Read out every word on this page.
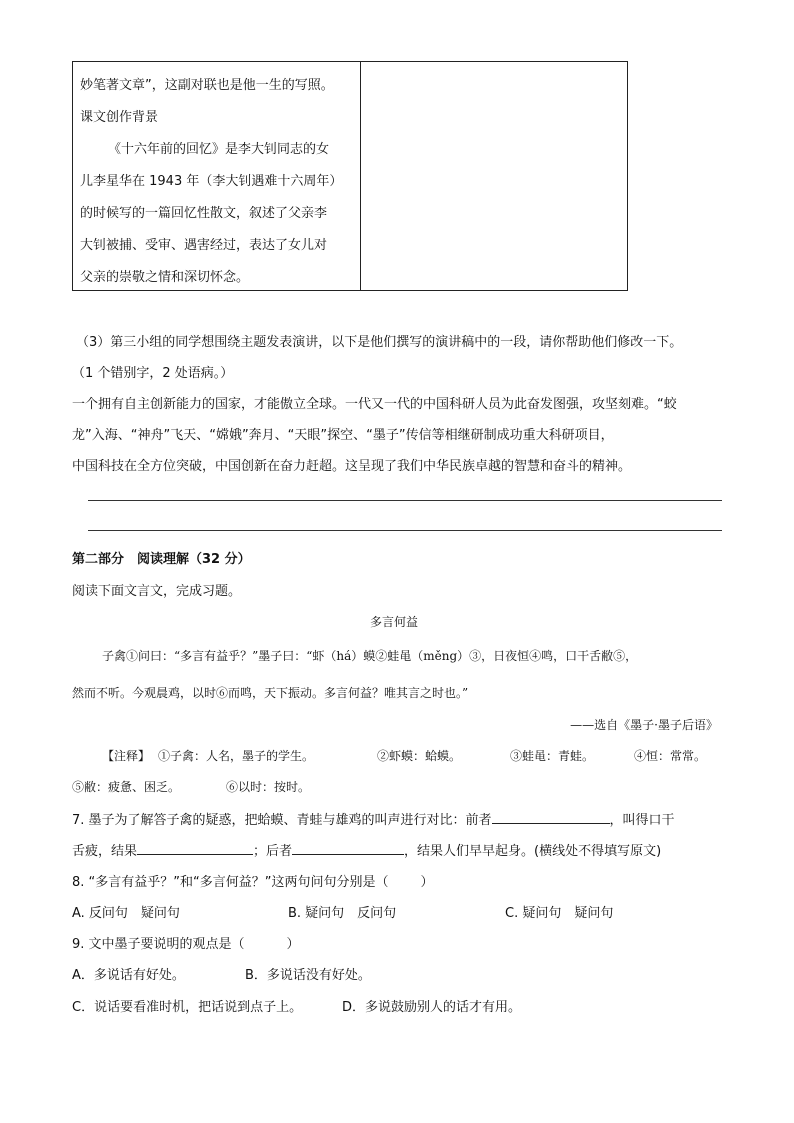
妙笔著文章”，这副对联也是他一生的写照。
课文创作背景
《十六年前的回忆》是李大钊同志的女
儿李星华在 1943 年（李大钊遇难十六周年）
的时候写的一篇回忆性散文，叙述了父亲李
大钊被捕、受审、遇害经过，表达了女儿对
父亲的崇敬之情和深切怀念。

（3）第三小组的同学想围绕主题发表演讲，以下是他们撰写的演讲稿中的一段，请你帮助他们修改一下。
（1 个错别字，2 处语病。）
一个拥有自主创新能力的国家，才能傲立全球。一代又一代的中国科研人员为此奋发图强，攻坚刻难。“蛟
龙”入海、“神舟”飞天、“嫦娥”奔月、“天眼”探空、“墨子”传信等相继研制成功重大科研项目，
中国科技在全方位突破，中国创新在奋力赶超。这呈现了我们中华民族卓越的智慧和奋斗的精神。
第二部分　阅读理解（32 分）
阅读下面文言文，完成习题。
多言何益
子禽①问曰：“多言有益乎？”墨子曰：“虾（há）蟆②蛙黾（měng）③，日夜恒④鸣，口干舌敝⑤，
然而不听。今观晨鸡，以时⑥而鸣，天下振动。多言何益？唯其言之时也。”
——选自《墨子·墨子后语》
【注释】 ①子禽：人名，墨子的学生。	②虾蟆：蛤蟆。	③蛙黾：青蛙。	④恒：常常。
⑤敝：疲惫、困乏。	⑥以时：按时。
7. 墨子为了解答子禽的疑惑，把蛤蟆、青蛙与雄鸡的叫声进行对比：前者	，叫得口干
舌疲，结果	；后者	，结果人们早早起身。(横线处不得填写原文)
8. “多言有益乎？”和“多言何益？”这两句问句分别是（ ）
A. 反问句　疑问句	B. 疑问句　反问句	C. 疑问句　疑问句
9. 文中墨子要说明的观点是（	）
A．多说话有好处。	B．多说话没有好处。
C．说话要看准时机，把话说到点子上。	D．多说鼓励别人的话才有用。
